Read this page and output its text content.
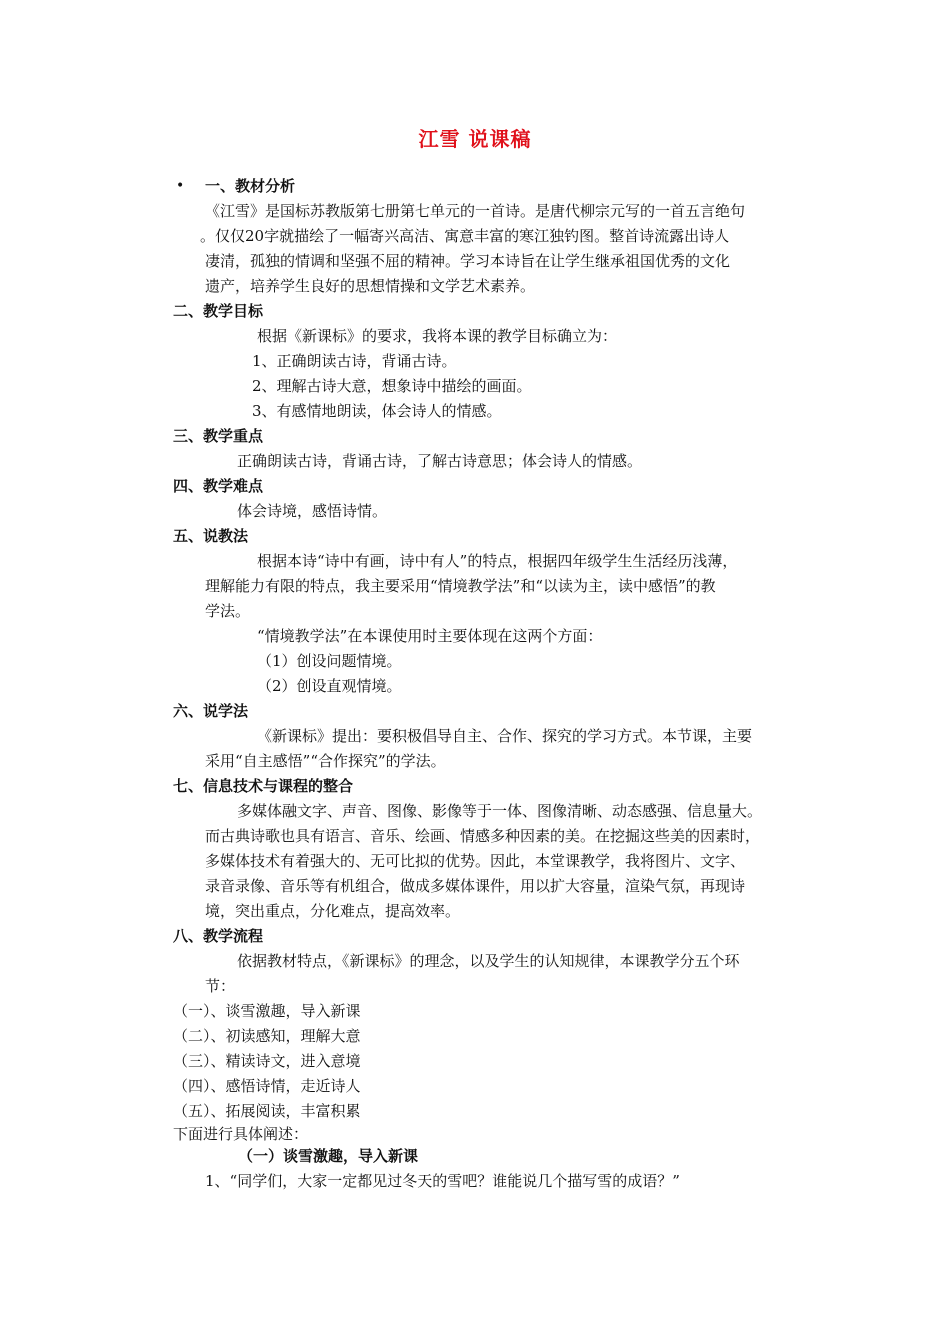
江雪 说课稿
• 一、教材分析
《江雪》是国标苏教版第七册第七单元的一首诗。是唐代柳宗元写的一首五言绝句
。仅仅20字就描绘了一幅寄兴高洁、寓意丰富的寒江独钓图。整首诗流露出诗人
凄清，孤独的情调和坚强不屈的精神。学习本诗旨在让学生继承祖国优秀的文化
遗产，培养学生良好的思想情操和文学艺术素养。
二、教学目标
根据《新课标》的要求，我将本课的教学目标确立为：
1、正确朗读古诗，背诵古诗。
2、理解古诗大意，想象诗中描绘的画面。
3、有感情地朗读，体会诗人的情感。
三、教学重点
正确朗读古诗，背诵古诗，了解古诗意思；体会诗人的情感。
四、教学难点
体会诗境，感悟诗情。
五、说教法
根据本诗“诗中有画，诗中有人”的特点，根据四年级学生生活经历浅薄，
理解能力有限的特点，我主要采用“情境教学法”和“以读为主，读中感悟”的教
学法。
“情境教学法”在本课使用时主要体现在这两个方面：
（1）创设问题情境。
（2）创设直观情境。
六、说学法
《新课标》提出：要积极倡导自主、合作、探究的学习方式。本节课，主要
采用“自主感悟”“合作探究”的学法。
七、信息技术与课程的整合
多媒体融文字、声音、图像、影像等于一体、图像清晰、动态感强、信息量大。
而古典诗歌也具有语言、音乐、绘画、情感多种因素的美。在挖掘这些美的因素时，
多媒体技术有着强大的、无可比拟的优势。因此，本堂课教学，我将图片、文字、
录音录像、音乐等有机组合，做成多媒体课件，用以扩大容量，渲染气氛，再现诗
境，突出重点，分化难点，提高效率。
八、教学流程
依据教材特点，《新课标》的理念，以及学生的认知规律，本课教学分五个环
节：
（一）、谈雪激趣，导入新课
（二）、初读感知，理解大意
（三）、精读诗文，进入意境
（四）、感悟诗情，走近诗人
（五）、拓展阅读，丰富积累
下面进行具体阐述：
（一）谈雪激趣，导入新课
1、“同学们，大家一定都见过冬天的雪吧？谁能说几个描写雪的成语？”
